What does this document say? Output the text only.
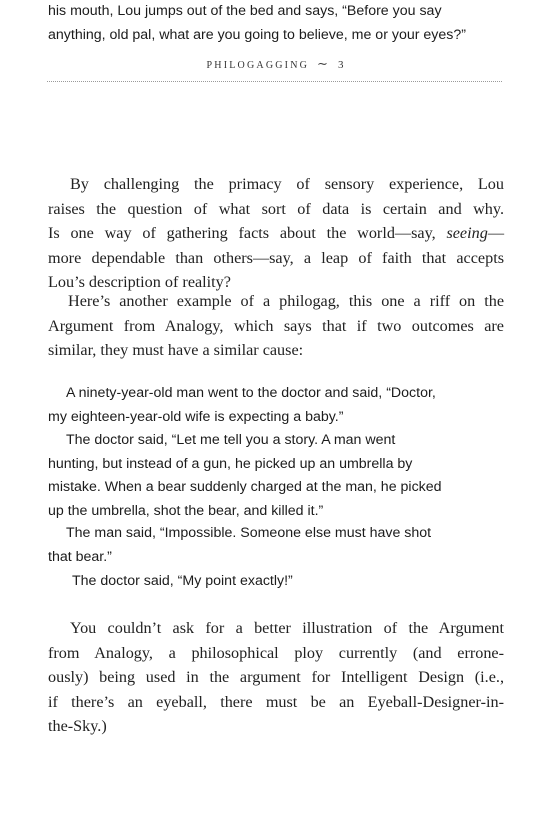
PHILOGAGGING ∼ 3

his mouth, Lou jumps out of the bed and says, “Before you say
anything, old pal, what are you going to believe, me or your eyes?”

By challenging the primacy of sensory experience, Lou
raises the question of what sort of data is certain and why.
Is one way of gathering facts about the world—say, seeing—
more dependable than others—say, a leap of faith that accepts
Lou’s description of reality?

Here’s another example of a philogag, this one a riff on the
Argument from Analogy, which says that if two outcomes are
similar, they must have a similar cause:

A ninety-year-old man went to the doctor and said, “Doctor,
my eighteen-year-old wife is expecting a baby.”

The doctor said, “Let me tell you a story. A man went
hunting, but instead of a gun, he picked up an umbrella by
mistake. When a bear suddenly charged at the man, he picked
up the umbrella, shot the bear, and killed it.”

The man said, “Impossible. Someone else must have shot
that bear.”

The doctor said, “My point exactly!”

You couldn’t ask for a better illustration of the Argument
from Analogy, a philosophical ploy currently (and errone-
ously) being used in the argument for Intelligent Design (i.e.,
if there’s an eyeball, there must be an Eyeball-Designer-in-
the-Sky.)
